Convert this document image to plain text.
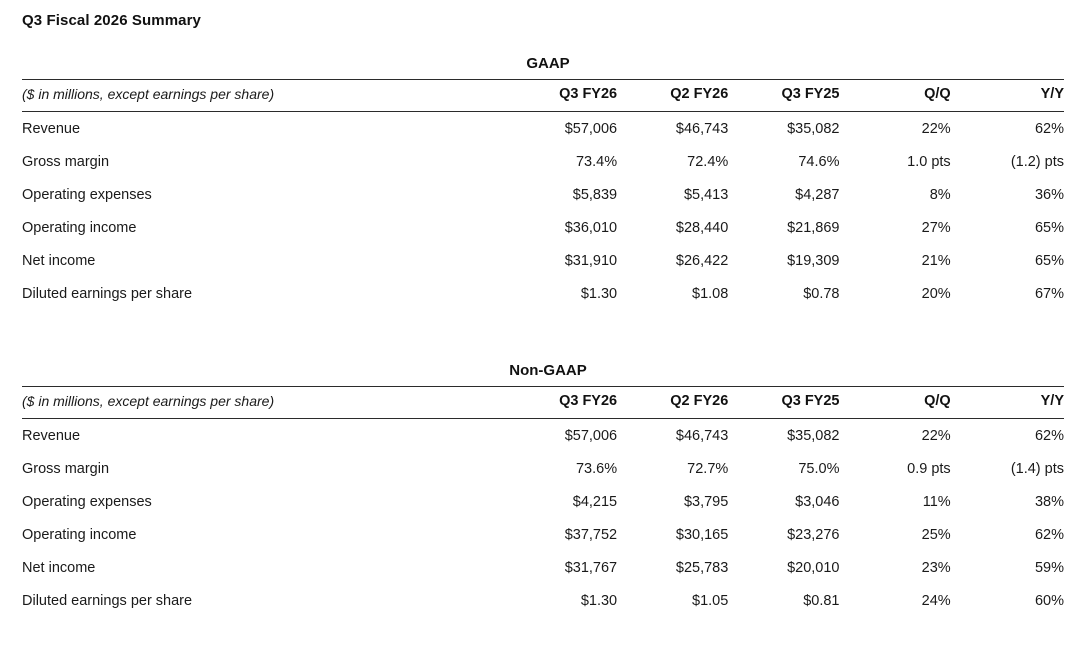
Q3 Fiscal 2026 Summary
GAAP
($ in millions, except earnings per share)	Q3 FY26	Q2 FY26	Q3 FY25	Q/Q	Y/Y
Revenue	$57,006	$46,743	$35,082	22%	62%
Gross margin	73.4%	72.4%	74.6%	1.0 pts	(1.2) pts
Operating expenses	$5,839	$5,413	$4,287	8%	36%
Operating income	$36,010	$28,440	$21,869	27%	65%
Net income	$31,910	$26,422	$19,309	21%	65%
Diluted earnings per share	$1.30	$1.08	$0.78	20%	67%
Non-GAAP
($ in millions, except earnings per share)	Q3 FY26	Q2 FY26	Q3 FY25	Q/Q	Y/Y
Revenue	$57,006	$46,743	$35,082	22%	62%
Gross margin	73.6%	72.7%	75.0%	0.9 pts	(1.4) pts
Operating expenses	$4,215	$3,795	$3,046	11%	38%
Operating income	$37,752	$30,165	$23,276	25%	62%
Net income	$31,767	$25,783	$20,010	23%	59%
Diluted earnings per share	$1.30	$1.05	$0.81	24%	60%
